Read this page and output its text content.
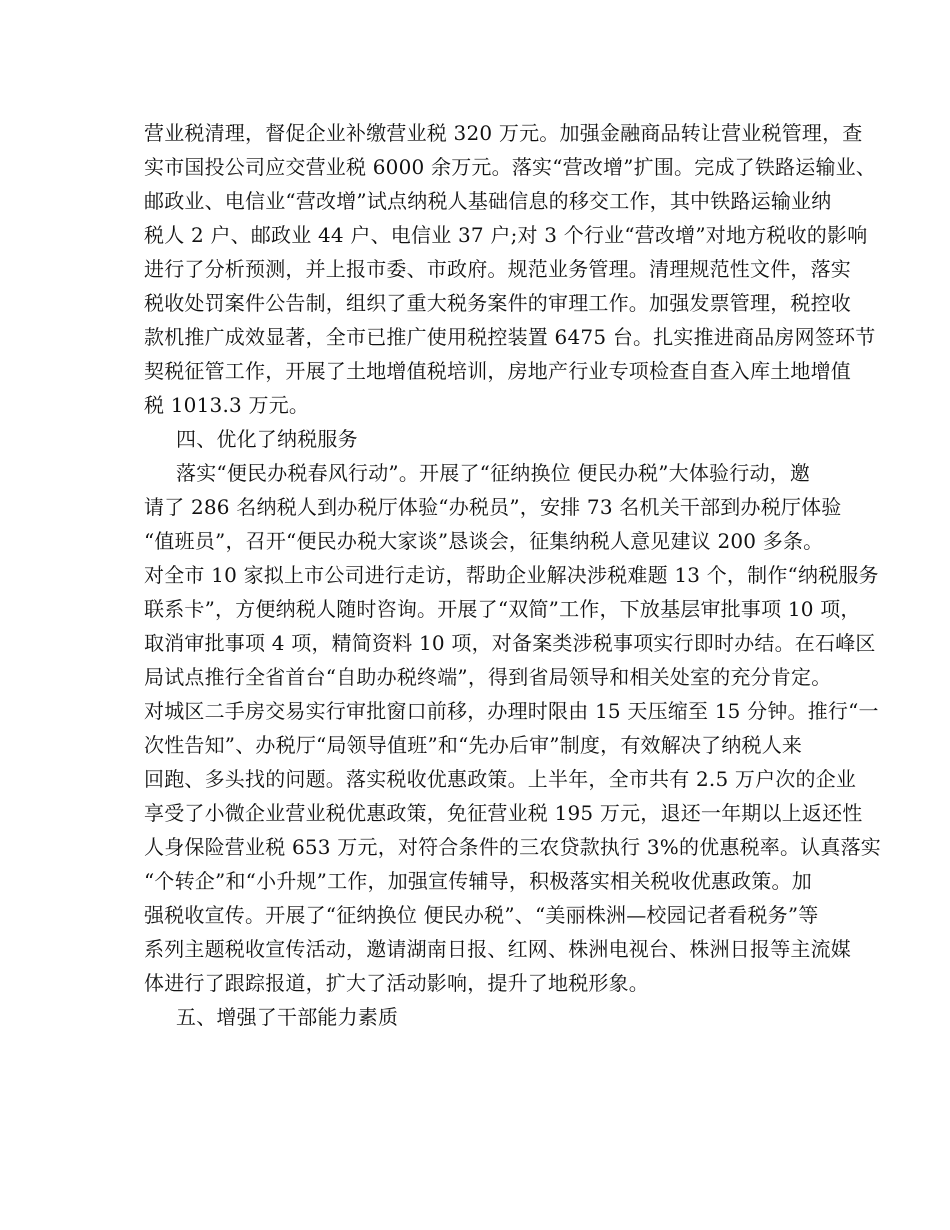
营业税清理，督促企业补缴营业税 320 万元。加强金融商品转让营业税管理，查
实市国投公司应交营业税 6000 余万元。落实“营改增”扩围。完成了铁路运输业、
邮政业、电信业“营改增”试点纳税人基础信息的移交工作，其中铁路运输业纳
税人 2 户、邮政业 44 户、电信业 37 户;对 3 个行业“营改增”对地方税收的影响
进行了分析预测，并上报市委、市政府。规范业务管理。清理规范性文件，落实
税收处罚案件公告制，组织了重大税务案件的审理工作。加强发票管理，税控收
款机推广成效显著，全市已推广使用税控装置 6475 台。扎实推进商品房网签环节
契税征管工作，开展了土地增值税培训，房地产行业专项检查自查入库土地增值
税 1013.3 万元。
四、优化了纳税服务
落实“便民办税春风行动”。开展了“征纳换位 便民办税”大体验行动，邀
请了 286 名纳税人到办税厅体验“办税员”，安排 73 名机关干部到办税厅体验
“值班员”，召开“便民办税大家谈”恳谈会，征集纳税人意见建议 200 多条。
对全市 10 家拟上市公司进行走访，帮助企业解决涉税难题 13 个，制作“纳税服务
联系卡”，方便纳税人随时咨询。开展了“双简”工作，下放基层审批事项 10 项，
取消审批事项 4 项，精简资料 10 项，对备案类涉税事项实行即时办结。在石峰区
局试点推行全省首台“自助办税终端”，得到省局领导和相关处室的充分肯定。
对城区二手房交易实行审批窗口前移，办理时限由 15 天压缩至 15 分钟。推行“一
次性告知”、办税厅“局领导值班”和“先办后审”制度，有效解决了纳税人来
回跑、多头找的问题。落实税收优惠政策。上半年，全市共有 2.5 万户次的企业
享受了小微企业营业税优惠政策，免征营业税 195 万元，退还一年期以上返还性
人身保险营业税 653 万元，对符合条件的三农贷款执行 3%的优惠税率。认真落实
“个转企”和“小升规”工作，加强宣传辅导，积极落实相关税收优惠政策。加
强税收宣传。开展了“征纳换位 便民办税”、“美丽株洲—校园记者看税务”等
系列主题税收宣传活动，邀请湖南日报、红网、株洲电视台、株洲日报等主流媒
体进行了跟踪报道，扩大了活动影响，提升了地税形象。
五、增强了干部能力素质
